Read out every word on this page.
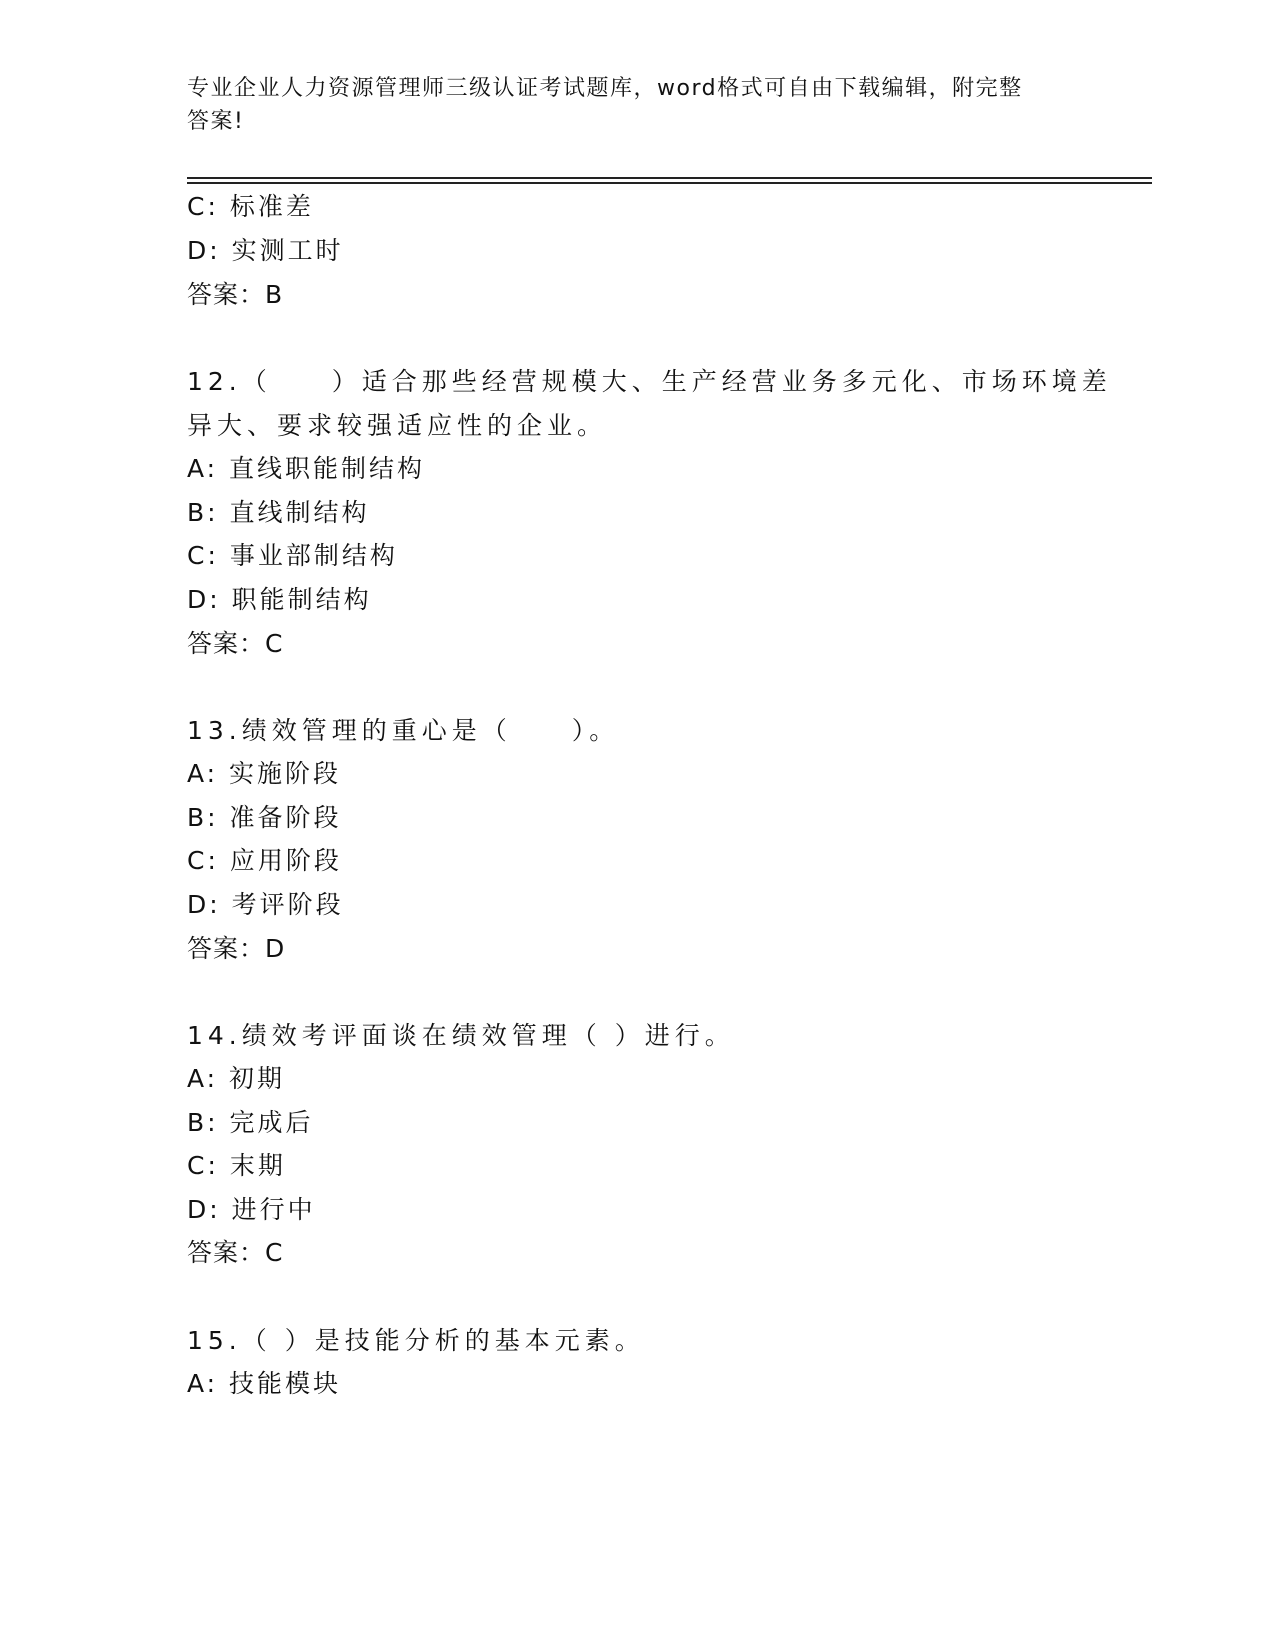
专业企业人力资源管理师三级认证考试题库，word格式可自由下载编辑，附完整
答案!
C: 标准差
D: 实测工时
答案：B
12.（　　）适合那些经营规模大、生产经营业务多元化、市场环境差
异大、要求较强适应性的企业。
A: 直线职能制结构
B: 直线制结构
C: 事业部制结构
D: 职能制结构
答案：C
13.绩效管理的重心是（　　）。
A: 实施阶段
B: 准备阶段
C: 应用阶段
D: 考评阶段
答案：D
14.绩效考评面谈在绩效管理（ ）进行。
A: 初期
B: 完成后
C: 末期
D: 进行中
答案：C
15.（ ）是技能分析的基本元素。
A: 技能模块
